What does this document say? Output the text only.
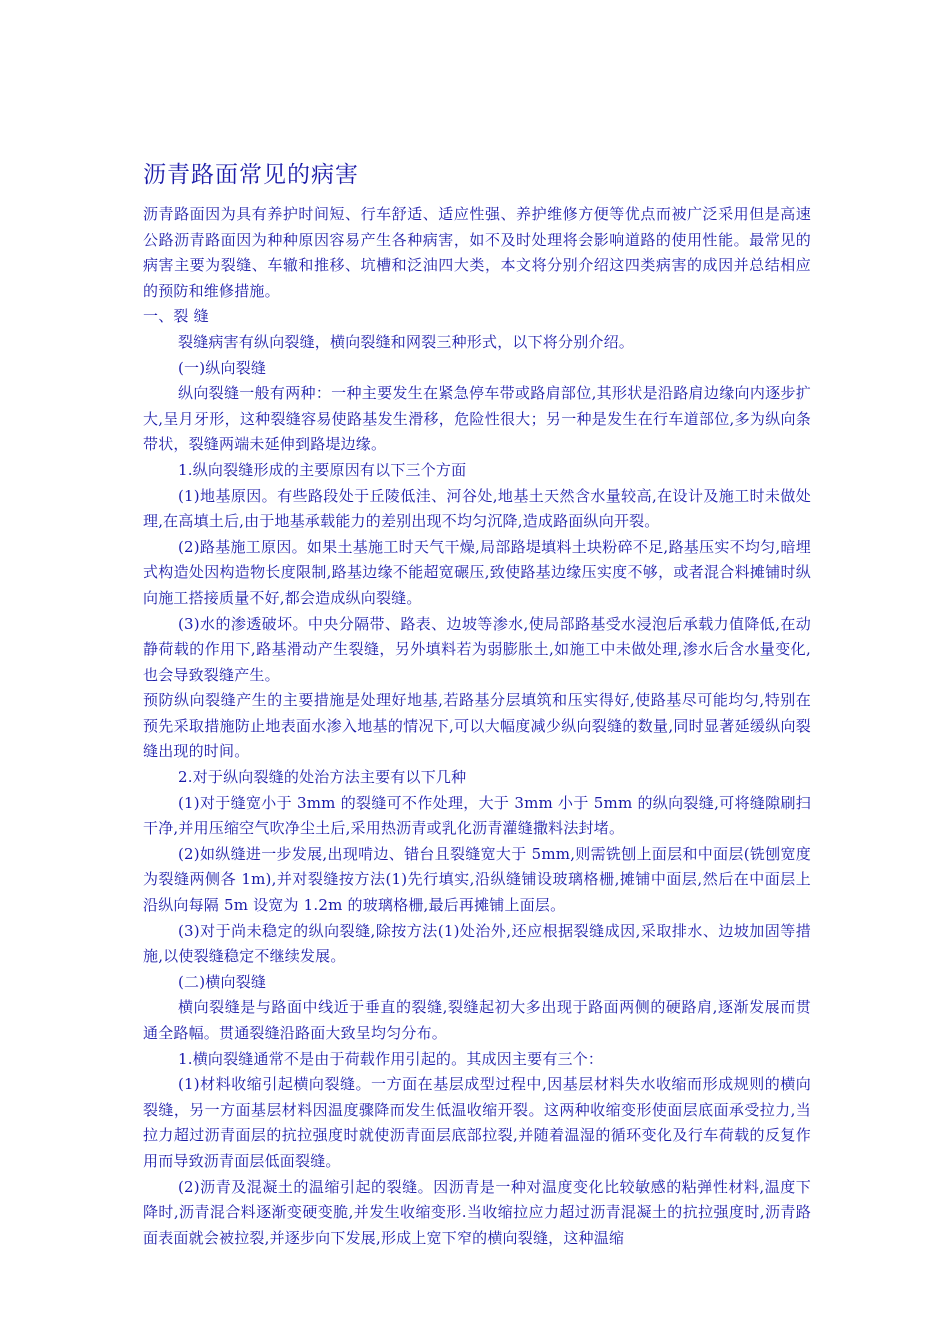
沥青路面常见的病害

沥青路面因为具有养护时间短、行车舒适、适应性强、养护维修方便等优点而被广泛采用但是高速公路沥青路面因为种种原因容易产生各种病害，如不及时处理将会影响道路的使用性能。最常见的病害主要为裂缝、车辙和推移、坑槽和泛油四大类，本文将分别介绍这四类病害的成因并总结相应的预防和维修措施。

一、裂 缝

裂缝病害有纵向裂缝，横向裂缝和网裂三种形式，以下将分别介绍。

(一)纵向裂缝

纵向裂缝一般有两种：一种主要发生在紧急停车带或路肩部位,其形状是沿路肩边缘向内逐步扩大,呈月牙形，这种裂缝容易使路基发生滑移，危险性很大；另一种是发生在行车道部位,多为纵向条带状，裂缝两端未延伸到路堤边缘。

1.纵向裂缝形成的主要原因有以下三个方面

(1)地基原因。有些路段处于丘陵低洼、河谷处,地基土天然含水量较高,在设计及施工时未做处理,在高填土后,由于地基承载能力的差别出现不均匀沉降,造成路面纵向开裂。

(2)路基施工原因。如果土基施工时天气干燥,局部路堤填料土块粉碎不足,路基压实不均匀,暗埋式构造处因构造物长度限制,路基边缘不能超宽碾压,致使路基边缘压实度不够，或者混合料摊铺时纵向施工搭接质量不好,都会造成纵向裂缝。

(3)水的渗透破坏。中央分隔带、路表、边坡等渗水,使局部路基受水浸泡后承载力值降低,在动静荷载的作用下,路基滑动产生裂缝，另外填料若为弱膨胀土,如施工中未做处理,渗水后含水量变化,也会导致裂缝产生。

预防纵向裂缝产生的主要措施是处理好地基,若路基分层填筑和压实得好,使路基尽可能均匀,特别在预先采取措施防止地表面水渗入地基的情况下,可以大幅度减少纵向裂缝的数量,同时显著延缓纵向裂缝出现的时间。

2.对于纵向裂缝的处治方法主要有以下几种

(1)对于缝宽小于 3mm 的裂缝可不作处理，大于 3mm 小于 5mm 的纵向裂缝,可将缝隙刷扫干净,并用压缩空气吹净尘土后,采用热沥青或乳化沥青灌缝撒料法封堵。

(2)如纵缝进一步发展,出现啃边、错台且裂缝宽大于 5mm,则需铣刨上面层和中面层(铣刨宽度为裂缝两侧各 1m),并对裂缝按方法(1)先行填实,沿纵缝铺设玻璃格栅,摊铺中面层,然后在中面层上沿纵向每隔 5m 设宽为 1.2m 的玻璃格栅,最后再摊铺上面层。

(3)对于尚未稳定的纵向裂缝,除按方法(1)处治外,还应根据裂缝成因,采取排水、边坡加固等措施,以使裂缝稳定不继续发展。

(二)横向裂缝

横向裂缝是与路面中线近于垂直的裂缝,裂缝起初大多出现于路面两侧的硬路肩,逐渐发展而贯通全路幅。贯通裂缝沿路面大致呈均匀分布。

1.横向裂缝通常不是由于荷载作用引起的。其成因主要有三个：

(1)材料收缩引起横向裂缝。一方面在基层成型过程中,因基层材料失水收缩而形成规则的横向裂缝，另一方面基层材料因温度骤降而发生低温收缩开裂。这两种收缩变形使面层底面承受拉力,当拉力超过沥青面层的抗拉强度时就使沥青面层底部拉裂,并随着温湿的循环变化及行车荷载的反复作用而导致沥青面层低面裂缝。

(2)沥青及混凝土的温缩引起的裂缝。因沥青是一种对温度变化比较敏感的粘弹性材料,温度下降时,沥青混合料逐渐变硬变脆,并发生收缩变形.当收缩拉应力超过沥青混凝土的抗拉强度时,沥青路面表面就会被拉裂,并逐步向下发展,形成上宽下窄的横向裂缝，这种温缩
